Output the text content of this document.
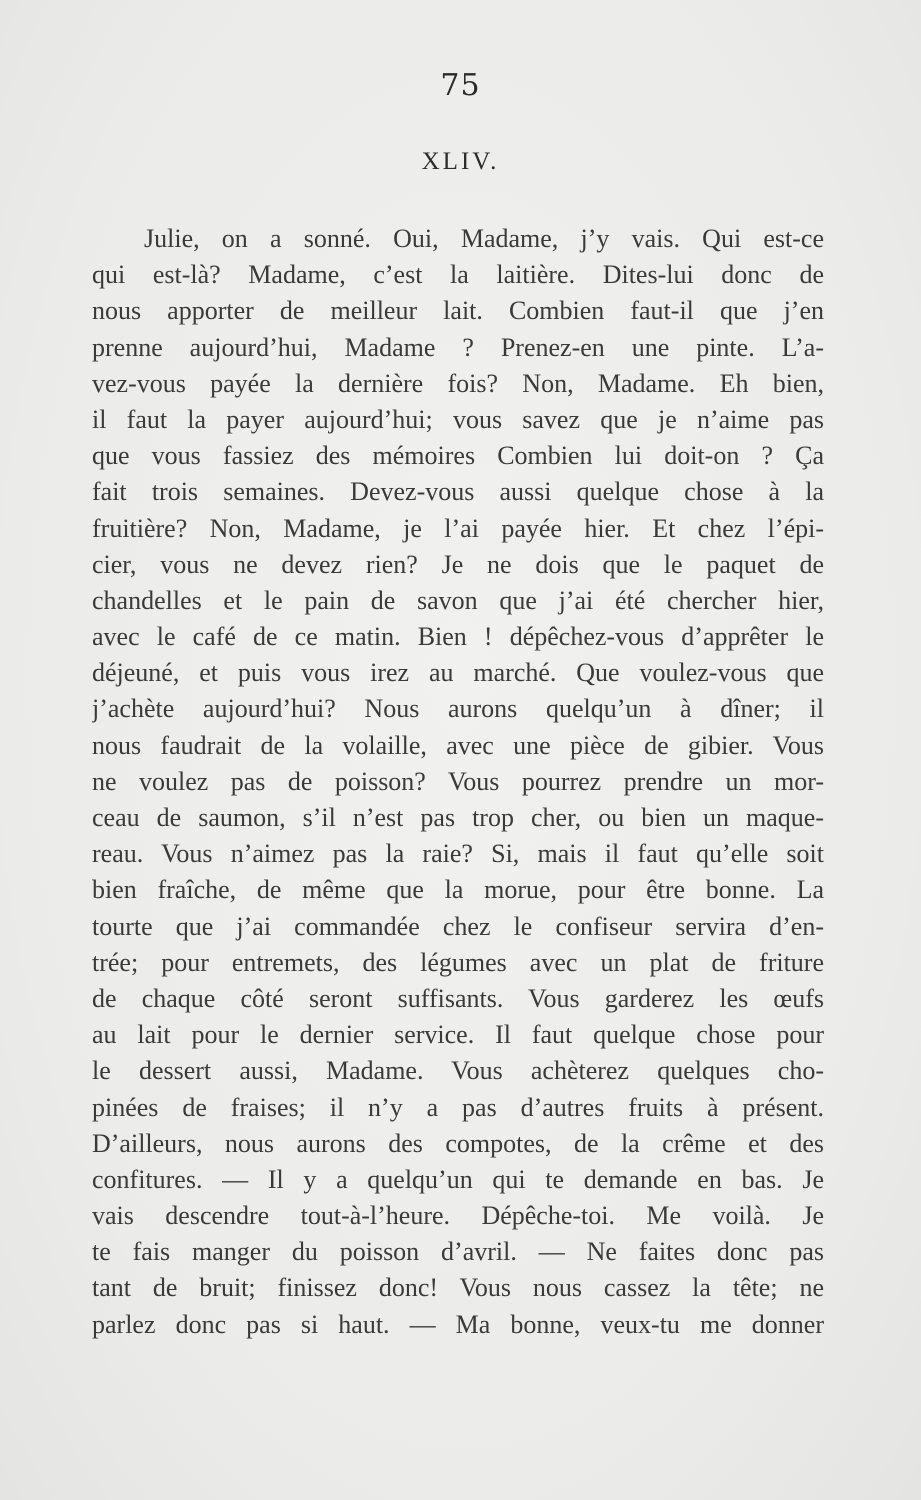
75
XLIV.
Julie, on a sonné. Oui, Madame, j’y vais. Qui est-ce
qui est-là? Madame, c’est la laitière. Dites-lui donc de
nous apporter de meilleur lait. Combien faut-il que j’en
prenne aujourd’hui, Madame ? Prenez-en une pinte. L’a-
vez-vous payée la dernière fois? Non, Madame. Eh bien,
il faut la payer aujourd’hui; vous savez que je n’aime pas
que vous fassiez des mémoires Combien lui doit-on ? Ça
fait trois semaines. Devez-vous aussi quelque chose à la
fruitière? Non, Madame, je l’ai payée hier. Et chez l’épi-
cier, vous ne devez rien? Je ne dois que le paquet de
chandelles et le pain de savon que j’ai été chercher hier,
avec le café de ce matin. Bien ! dépêchez-vous d’apprêter le
déjeuné, et puis vous irez au marché. Que voulez-vous que
j’achète aujourd’hui? Nous aurons quelqu’un à dîner; il
nous faudrait de la volaille, avec une pièce de gibier. Vous
ne voulez pas de poisson? Vous pourrez prendre un mor-
ceau de saumon, s’il n’est pas trop cher, ou bien un maque-
reau. Vous n’aimez pas la raie? Si, mais il faut qu’elle soit
bien fraîche, de même que la morue, pour être bonne. La
tourte que j’ai commandée chez le confiseur servira d’en-
trée; pour entremets, des légumes avec un plat de friture
de chaque côté seront suffisants. Vous garderez les œufs
au lait pour le dernier service. Il faut quelque chose pour
le dessert aussi, Madame. Vous achèterez quelques cho-
pinées de fraises; il n’y a pas d’autres fruits à présent.
D’ailleurs, nous aurons des compotes, de la crême et des
confitures. — Il y a quelqu’un qui te demande en bas. Je
vais descendre tout-à-l’heure. Dépêche-toi. Me voilà. Je
te fais manger du poisson d’avril. — Ne faites donc pas
tant de bruit; finissez donc! Vous nous cassez la tête; ne
parlez donc pas si haut. — Ma bonne, veux-tu me donner
